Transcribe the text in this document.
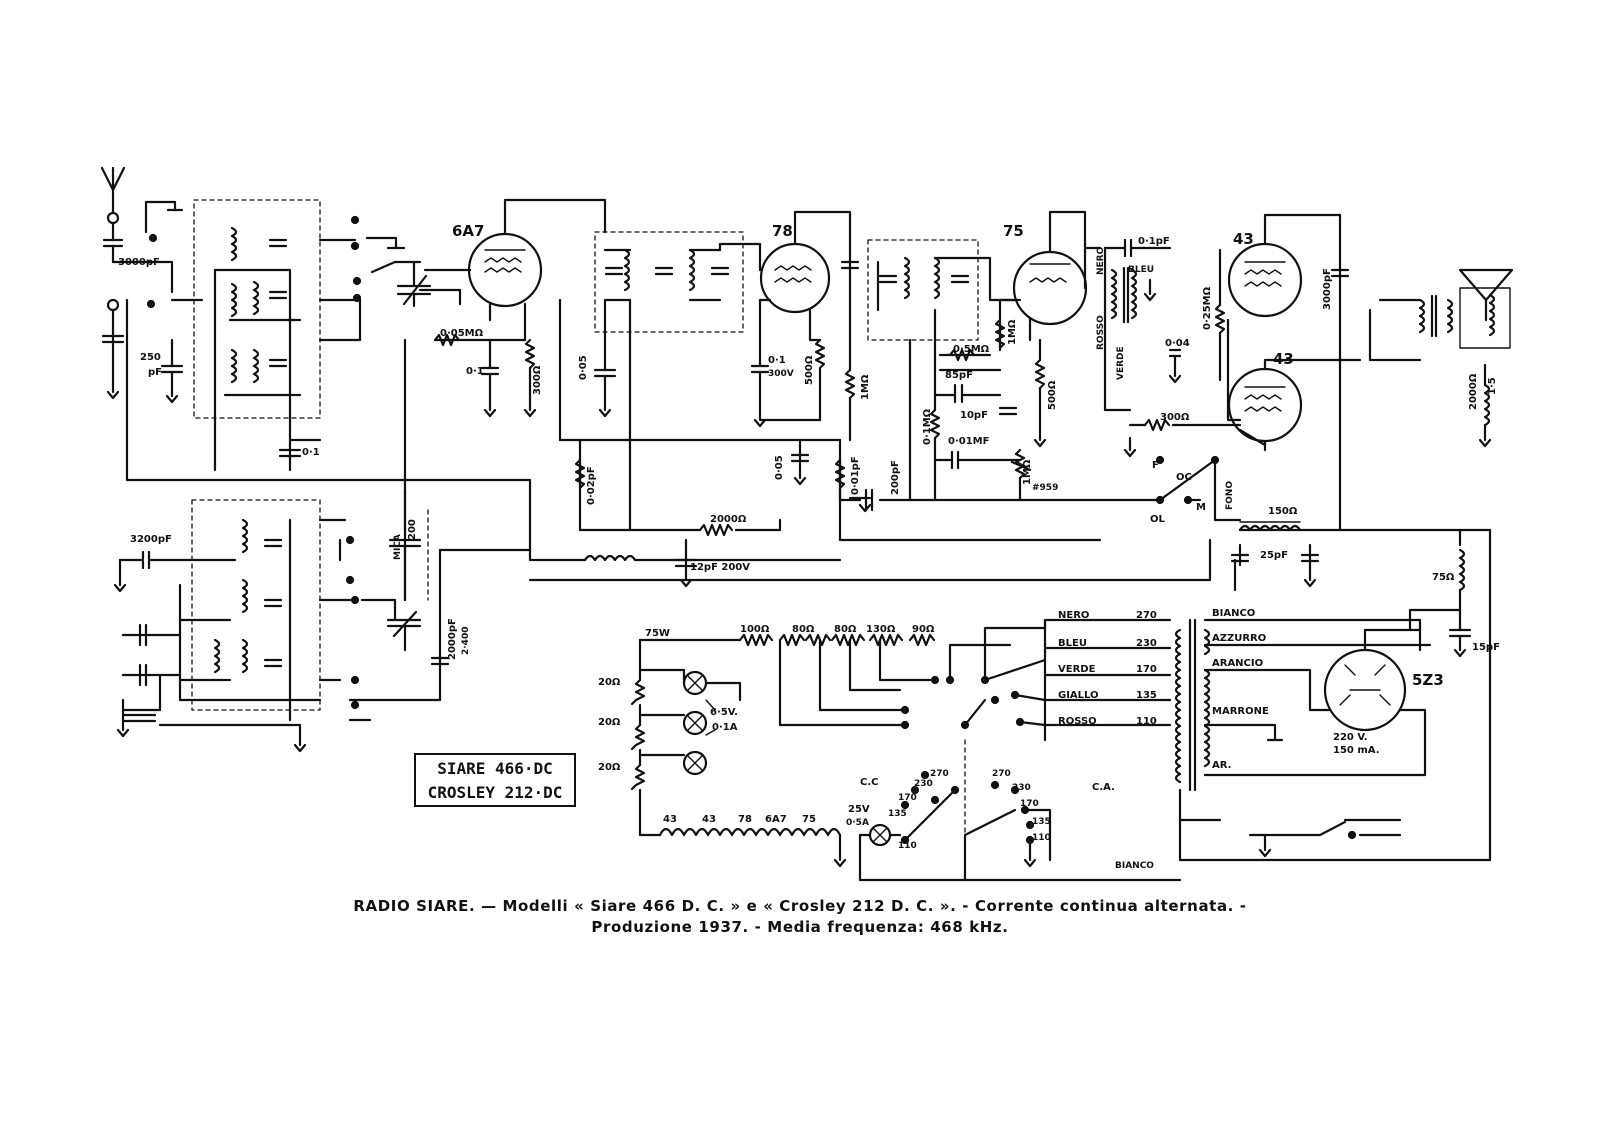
6A7	78	75	43
43
5Z3
3000pF
250
pF
0·1
0·05MΩ
0·1	300Ω	0·05	0·1
300V 500Ω
1MΩ
1MΩ
0·5MΩ
85pF
500Ω
10pF
0·1MΩ 0·01MF
1MΩ
#959
0·1pF
BLEU
NERO
ROSSO
VERDE
0·04
0·25MΩ	3000pF
300Ω
2000Ω 1·5
3200pF	MICA
200
2000pF 2·400
0·02pF	0·05	0·01pF	200pF
12pF 200V
2000Ω
150Ω
25pF
75Ω
15pF
75W	100Ω 80Ω 80Ω 130Ω 90Ω
20Ω
20Ω
20Ω
6·5V.
0·1A
NERO	270
BLEU	230
VERDE	170
GIALLO	135
ROSSO	110
BIANCO
AZZURRO
ARANCIO
MARRONE
AR.
220 V.
150 mA.
BIANCO
C.C	C.A.
25V
0·5A
270
230
170
135
110
270
230
170
135
110
43	43 78 6A7 75
F
OC
M
OL
FONO
SIARE 466·DC
CROSLEY 212·DC
RADIO SIARE. — Modelli « Siare 466 D. C. » e « Crosley 212 D. C. ». - Corrente continua alternata. -
Produzione 1937. - Media frequenza: 468 kHz.
